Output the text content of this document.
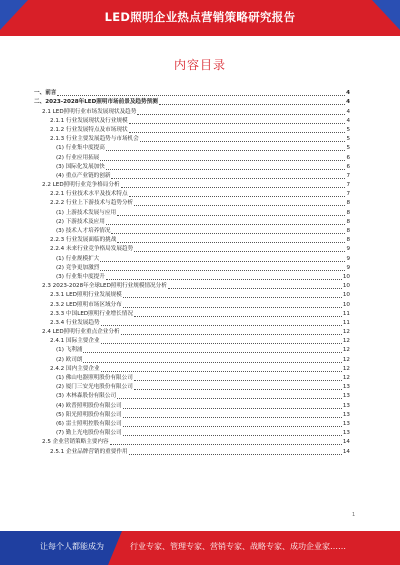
LED照明企业热点营销策略研究报告
内容目录
一、前言	4
二、2023-2028年LED照明市场前景及趋势预测	4
2.1 LED照明行业市场发展现状及趋势	4
2.1.1 行业发展现状及行业规模	4
2.1.2 行业发展特点及市场现状	5
2.1.3 行业主要发展趋势与市场机会	5
(1) 行业集中度提高	5
(2) 行业应用拓展	6
(3) 国际化发展加快	6
(4) 重点产业链的创新	7
2.2 LED照明行业竞争格局分析	7
2.2.1 行业技术水平及技术特点	7
2.2.2 行业上下游技术与趋势分析	8
(1) 上游技术发展与应用	8
(2) 下游技术及应用	8
(3) 技术人才培养情况	8
2.2.3 行业发展面临的挑战	8
2.2.4 未来行业竞争格局发展趋势	9
(1) 行业规模扩大	9
(2) 竞争更加激烈	9
(3) 行业集中度提升	10
2.3 2023-2028年全球LED照明行业规模情况分析	10
2.3.1 LED照明行业发展规模	10
2.3.2 LED照明市场区域分布	10
2.3.3 中国LED照明行业增长情况	11
2.3.4 行业发展趋势	11
2.4 LED照明行业重点企业分析	12
2.4.1 国际主要企业	12
(1) 飞利浦	12
(2) 欧司朗	12
2.4.2 国内主要企业	12
(1) 佛山电器照明股份有限公司	12
(2) 厦门三安光电股份有限公司	13
(3) 木林森股份有限公司	13
(4) 欧普照明股份有限公司	13
(5) 阳光照明股份有限公司	13
(6) 雷士照明控股有限公司	13
(7) 勤上光电股份有限公司	13
2.5 企业营销策略主要内容	14
2.5.1 企业品牌营销的重要作用	14
1
让每个人都能成为	行业专家、管理专家、营销专家、战略专家、成功企业家……
